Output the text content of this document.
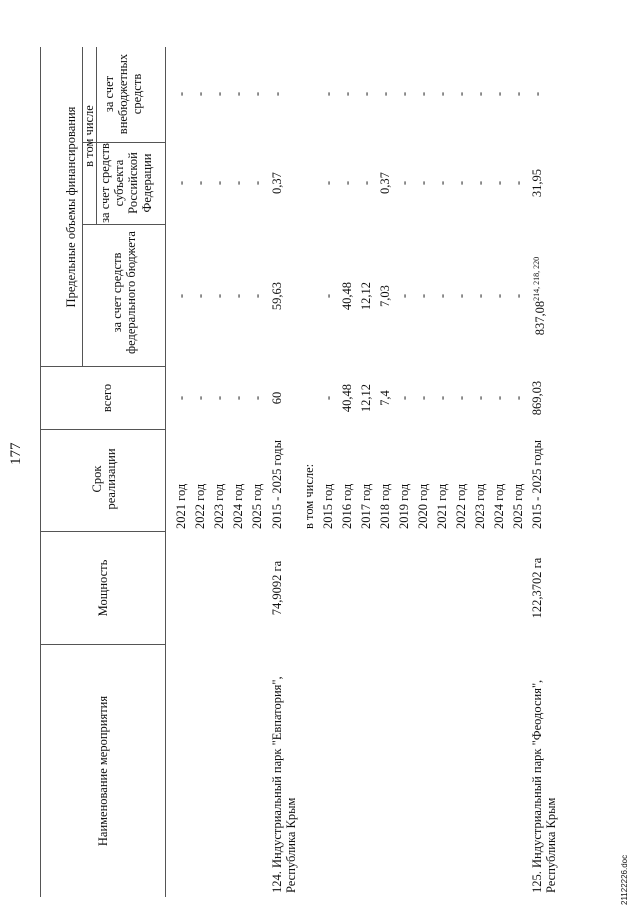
177
Наименование мероприятия
Мощность
Срок реализации
всего
Предельные объемы финансирования в том числе
за счет средств федерального бюджета
за счет средств субъекта Российской Федерации
за счет внебюджетных средств
2021 год
-
-
-
-
2022 год
-
-
-
-
2023 год
-
-
-
-
2024 год
-
-
-
-
2025 год
-
-
-
-
124. Индустриальный парк "Евпатория", Республика Крым
74,9092 га
2015 - 2025 годы
60
59,63
0,37
-
в том числе: 2015 год
-
-
-
-
2016 год
40,48
40,48
-
-
2017 год
12,12
12,12
-
-
2018 год
7,4
7,03
0,37
-
2019 год
-
-
-
-
2020 год
-
-
-
-
2021 год
-
-
-
-
2022 год
-
-
-
-
2023 год
-
-
-
-
2024 год
-
-
-
-
2025 год
-
-
-
-
125. Индустриальный парк "Феодосия", Республика Крым
122,3702 га
2015 - 2025 годы
869,03
837,08$^{214, 218, 220}$
31,95
-
21122226.doc
